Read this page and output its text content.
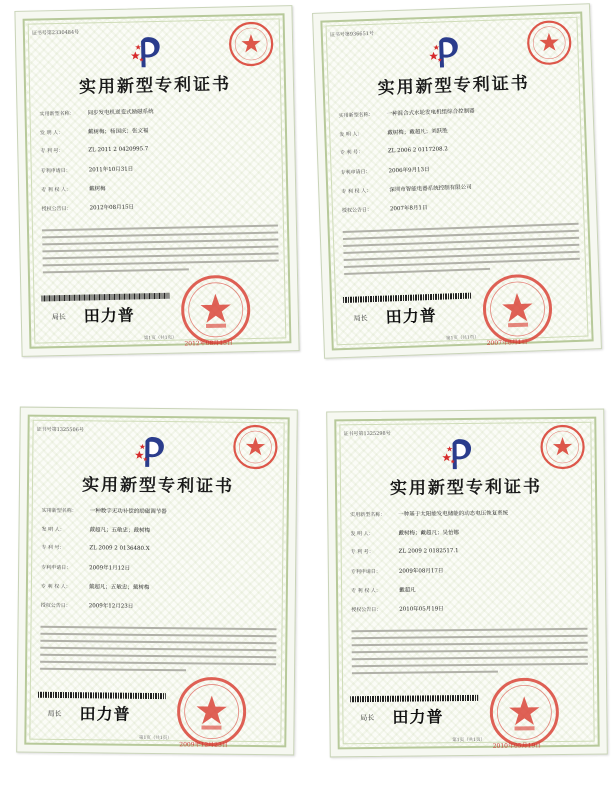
证书号第2330484号
实用新型专利证书
实用新型名称：	同步发电机逆变式励磁系统
发 明 人：	戴树梅；杨国庆；张文福
专 利 号：	ZL 2011 2 0420995.7
专利申请日：	2011年10月31日
专 利 权 人：	戴树梅
授权公告日：	2012年08月15日
局长 田力普
2012年08月15日
第1页（共1页）
证书号第936651号
实用新型专利证书
实用新型名称：	一种混合式水轮发电机组综合控制器
发 明 人：	戴树梅；戴超凡；刘跃胜
专 利 号：	ZL 2006 2 0117208.2
专利申请日：	2006年9月13日
专 利 权 人：	深圳市智能电器系统控制有限公司
授权公告日：	2007年8月1日
局长 田力普
2007年8月1日
第1页（共1页）
证书号第1325506号
实用新型专利证书
实用新型名称：	一种数字无功补偿的励磁调节器
发 明 人：	戴超凡；五敏忠；戴树梅
专 利 号：	ZL 2009 2 0136480.X
专利申请日：	2009年1月12日
专 利 权 人：	戴超凡；五敏忠；戴树梅
授权公告日：	2009年12月23日
局长 田力普
2009年12月23日
第1页（共1页）
证书号第1325298号
实用新型专利证书
实用新型名称：	一种基于太阳能发电储能的动态电压恢复系统
发 明 人：	戴树梅；戴超凡；吴怡娜
专 利 号：	ZL 2009 2 0182517.1
专利申请日：	2009年08月17日
专 利 权 人：	戴超凡
授权公告日：	2010年05月19日
局长 田力普
2010年05月19日
第1页（共1页）
